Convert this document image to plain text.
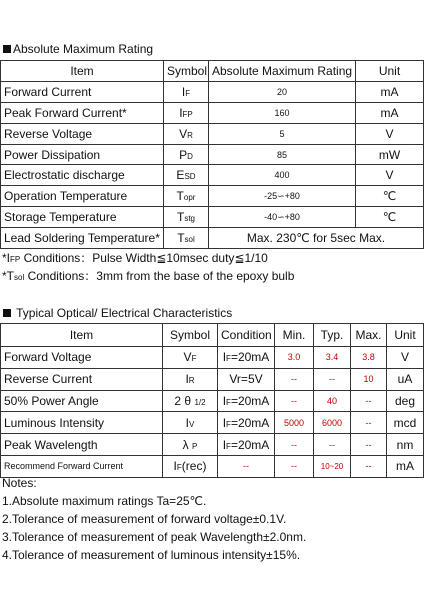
Absolute Maximum Rating
Item	Symbol	Absolute Maximum Rating	Unit
Forward Current	IF	20	mA
Peak Forward Current*	IFP	160	mA
Reverse Voltage	VR	5	V
Power Dissipation	PD	85	mW
Electrostatic discharge	ESD	400	V
Operation Temperature	Topr	-25∽+80	℃
Storage Temperature	Tstg	-40∽+80	℃
Lead Soldering Temperature*	Tsol	Max. 230℃ for 5sec Max.	
*IFP Conditions：Pulse Width≦10msec duty≦1/10
*Tsol Conditions：3mm from the base of the epoxy bulb
Typical Optical/ Electrical Characteristics
Item	Symbol	Condition	Min.	Typ.	Max.	Unit
Forward Voltage	VF	IF=20mA	3.0	3.4	3.8	V
Reverse Current	IR	Vr=5V	--	--	10	uA
50% Power Angle	2 θ 1/2	IF=20mA	--	40	--	deg
Luminous Intensity	IV	IF=20mA	5000	6000	--	mcd
Peak Wavelength	λ P	IF=20mA	--	--	--	nm
Recommend Forward Current	IF(rec)	--	--	10~20	--	mA
Notes:
1.Absolute maximum ratings Ta=25℃.
2.Tolerance of measurement of forward voltage±0.1V.
3.Tolerance of measurement of peak Wavelength±2.0nm.
4.Tolerance of measurement of luminous intensity±15%.
